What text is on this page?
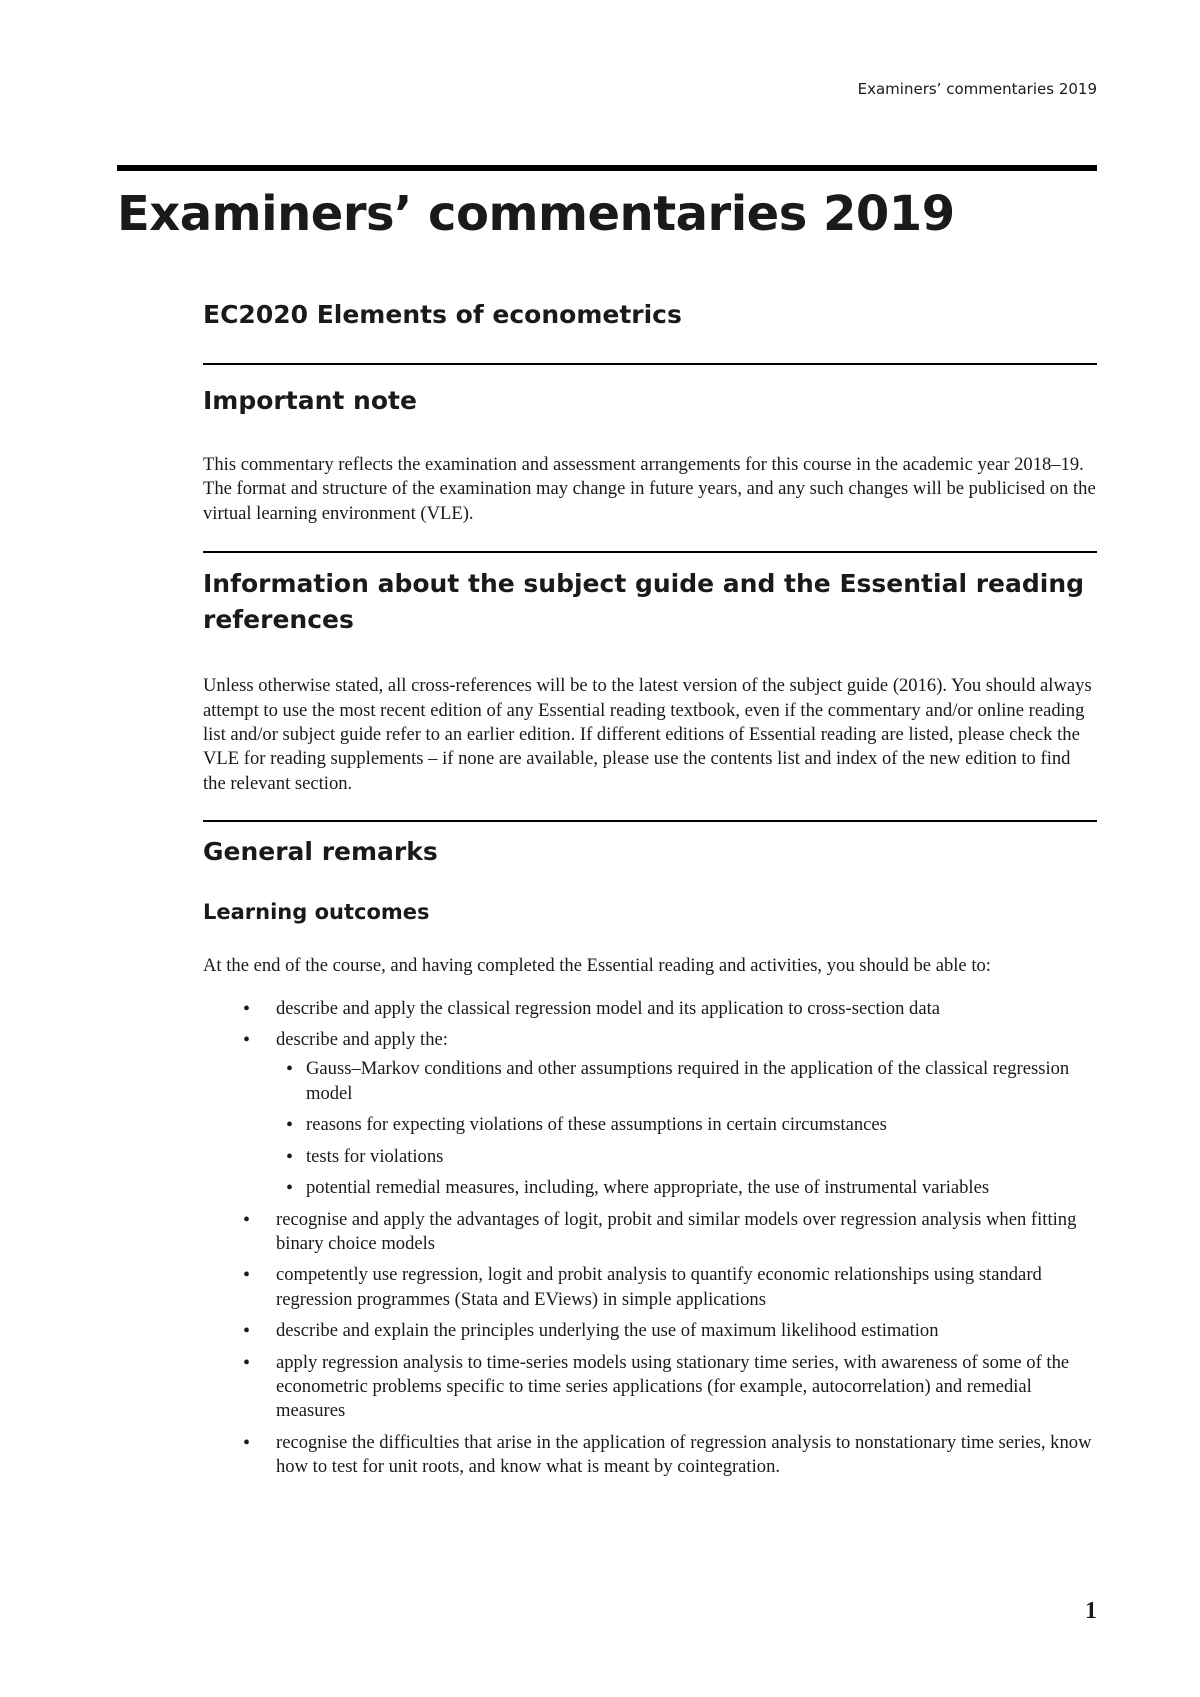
Examiners’ commentaries 2019
Examiners’ commentaries 2019
EC2020 Elements of econometrics
Important note

This commentary reflects the examination and assessment arrangements for this course in the academic year 2018–19. The format and structure of the examination may change in future years, and any such changes will be publicised on the virtual learning environment (VLE).

Information about the subject guide and the Essential reading references

Unless otherwise stated, all cross-references will be to the latest version of the subject guide (2016). You should always attempt to use the most recent edition of any Essential reading textbook, even if the commentary and/or online reading list and/or subject guide refer to an earlier edition. If different editions of Essential reading are listed, please check the VLE for reading supplements – if none are available, please use the contents list and index of the new edition to find the relevant section.

General remarks
Learning outcomes

At the end of the course, and having completed the Essential reading and activities, you should be able to:

• describe and apply the classical regression model and its application to cross-section data
• describe and apply the:
• Gauss–Markov conditions and other assumptions required in the application of the classical regression model
• reasons for expecting violations of these assumptions in certain circumstances
• tests for violations
• potential remedial measures, including, where appropriate, the use of instrumental variables
• recognise and apply the advantages of logit, probit and similar models over regression analysis when fitting binary choice models
• competently use regression, logit and probit analysis to quantify economic relationships using standard regression programmes (Stata and EViews) in simple applications
• describe and explain the principles underlying the use of maximum likelihood estimation
• apply regression analysis to time-series models using stationary time series, with awareness of some of the econometric problems specific to time series applications (for example, autocorrelation) and remedial measures
• recognise the difficulties that arise in the application of regression analysis to nonstationary time series, know how to test for unit roots, and know what is meant by cointegration.
1
